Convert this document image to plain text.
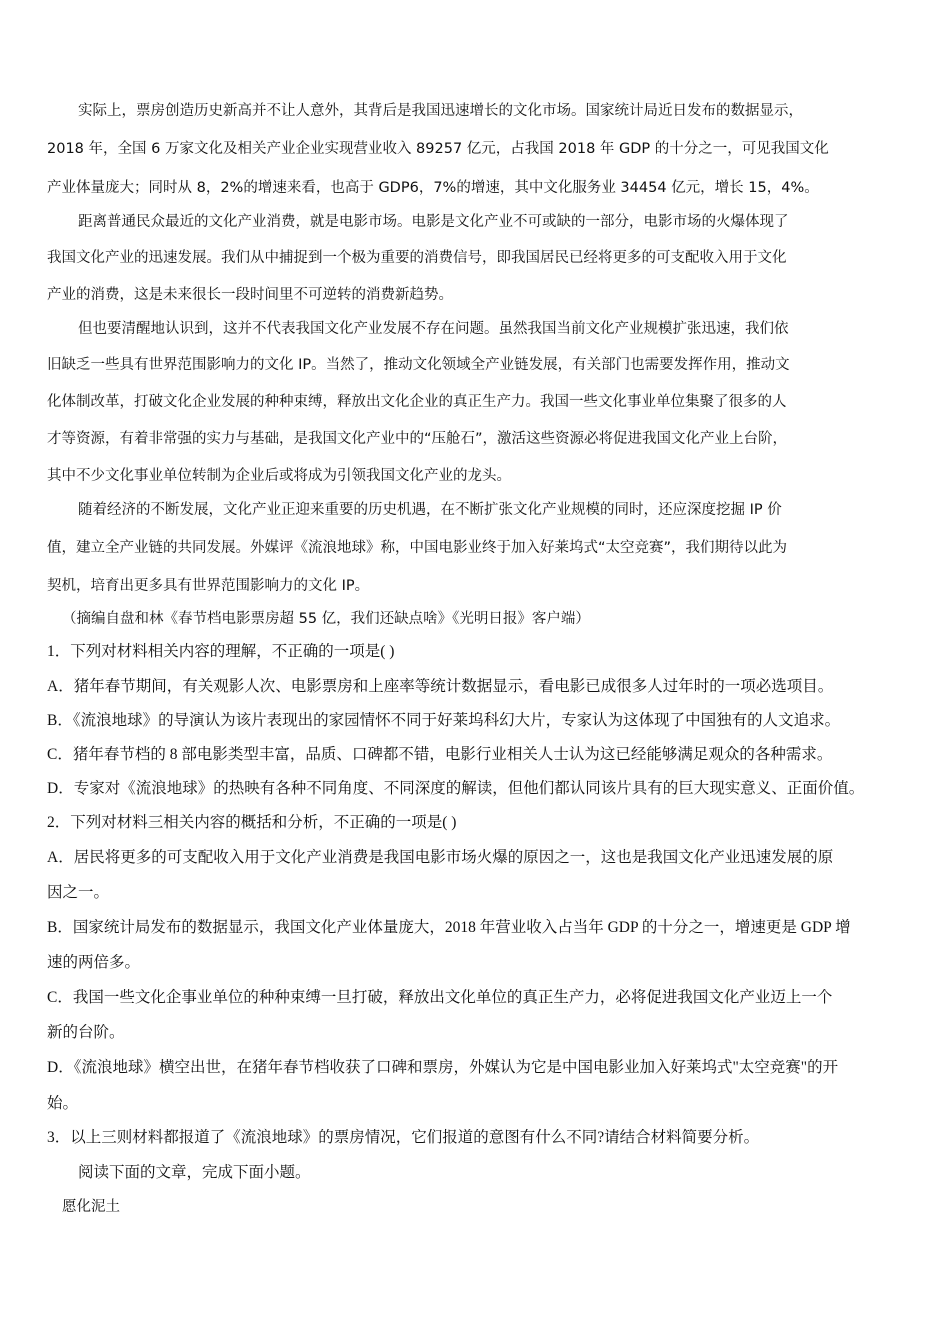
实际上，票房创造历史新高并不让人意外，其背后是我国迅速增长的文化市场。国家统计局近日发布的数据显示，
2018 年，全国 6 万家文化及相关产业企业实现营业收入 89257 亿元，占我国 2018 年 GDP 的十分之一，可见我国文化
产业体量庞大；同时从 8，2%的增速来看，也高于 GDP6，7%的增速，其中文化服务业 34454 亿元，增长 15，4%。
距离普通民众最近的文化产业消费，就是电影市场。电影是文化产业不可或缺的一部分，电影市场的火爆体现了
我国文化产业的迅速发展。我们从中捕捉到一个极为重要的消费信号，即我国居民已经将更多的可支配收入用于文化
产业的消费，这是未来很长一段时间里不可逆转的消费新趋势。
但也要清醒地认识到，这并不代表我国文化产业发展不存在问题。虽然我国当前文化产业规模扩张迅速，我们依
旧缺乏一些具有世界范围影响力的文化 IP。当然了，推动文化领域全产业链发展，有关部门也需要发挥作用，推动文
化体制改革，打破文化企业发展的种种束缚，释放出文化企业的真正生产力。我国一些文化事业单位集聚了很多的人
才等资源，有着非常强的实力与基础，是我国文化产业中的“压舱石”，激活这些资源必将促进我国文化产业上台阶，
其中不少文化事业单位转制为企业后或将成为引领我国文化产业的龙头。
随着经济的不断发展，文化产业正迎来重要的历史机遇，在不断扩张文化产业规模的同时，还应深度挖掘 IP 价
值，建立全产业链的共同发展。外媒评《流浪地球》称，中国电影业终于加入好莱坞式“太空竞赛”，我们期待以此为
契机，培育出更多具有世界范围影响力的文化 IP。
（摘编自盘和林《春节档电影票房超 55 亿，我们还缺点啥》《光明日报》客户端）
1．下列对材料相关内容的理解，不正确的一项是( )
A．猪年春节期间，有关观影人次、电影票房和上座率等统计数据显示，看电影已成很多人过年时的一项必选项目。
B．《流浪地球》的导演认为该片表现出的家园情怀不同于好莱坞科幻大片，专家认为这体现了中国独有的人文追求。
C．猪年春节档的 8 部电影类型丰富，品质、口碑都不错，电影行业相关人士认为这已经能够满足观众的各种需求。
D．专家对《流浪地球》的热映有各种不同角度、不同深度的解读，但他们都认同该片具有的巨大现实意义、正面价值。
2．下列对材料三相关内容的概括和分析，不正确的一项是( )
A．居民将更多的可支配收入用于文化产业消费是我国电影市场火爆的原因之一，这也是我国文化产业迅速发展的原
因之一。
B．国家统计局发布的数据显示，我国文化产业体量庞大，2018 年营业收入占当年 GDP 的十分之一，增速更是 GDP 增
速的两倍多。
C．我国一些文化企事业单位的种种束缚一旦打破，释放出文化单位的真正生产力，必将促进我国文化产业迈上一个
新的台阶。
D．《流浪地球》横空出世，在猪年春节档收获了口碑和票房，外媒认为它是中国电影业加入好莱坞式"太空竞赛"的开
始。
3．以上三则材料都报道了《流浪地球》的票房情况，它们报道的意图有什么不同?请结合材料简要分析。
阅读下面的文章，完成下面小题。
愿化泥土
